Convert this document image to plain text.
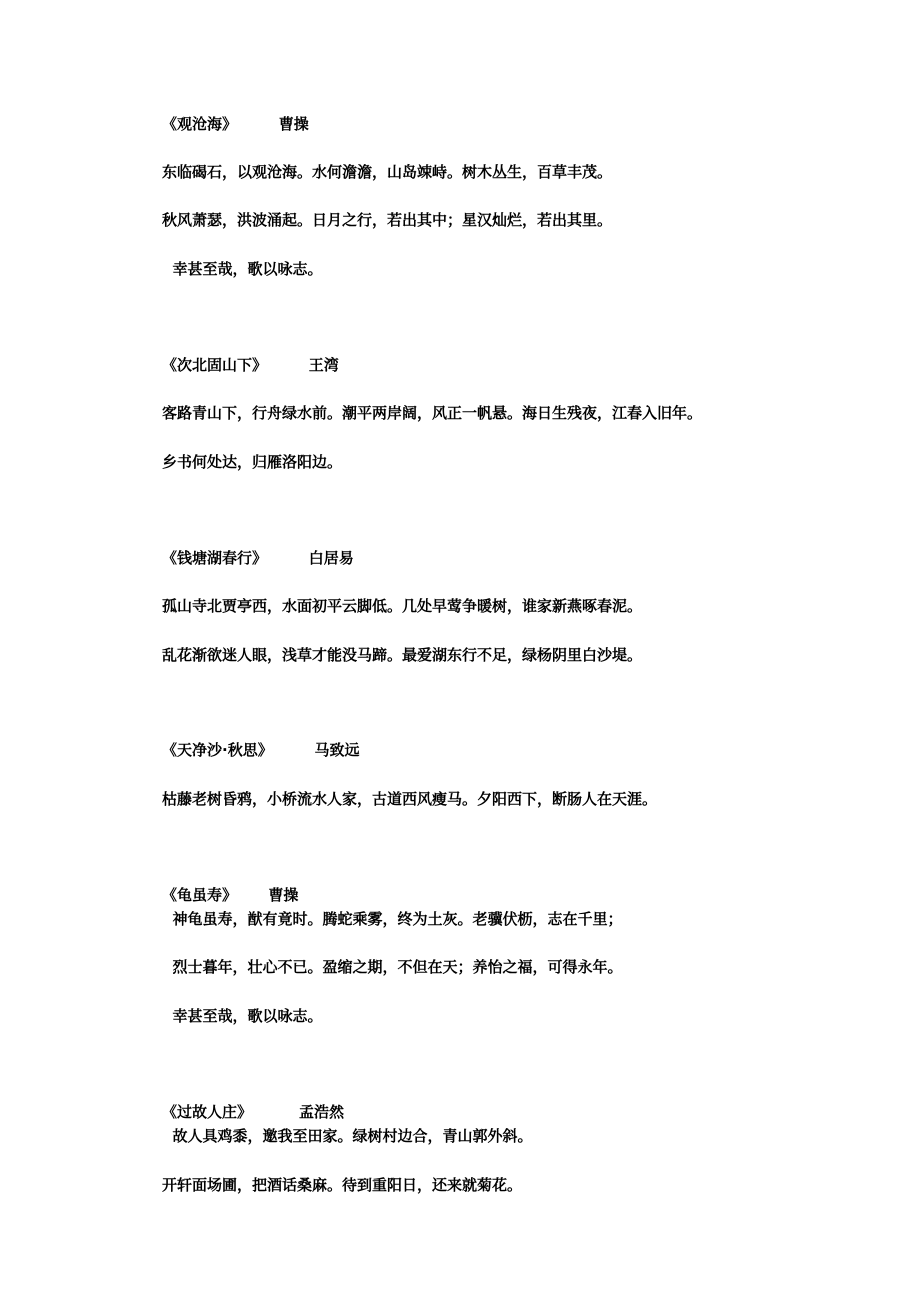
《观沧海》	曹操

东临碣石，以观沧海。水何澹澹，山岛竦峙。树木丛生，百草丰茂。

秋风萧瑟，洪波涌起。日月之行，若出其中；星汉灿烂，若出其里。

幸甚至哉，歌以咏志。

《次北固山下》	王湾

客路青山下，行舟绿水前。潮平两岸阔，风正一帆悬。海日生残夜，江春入旧年。

乡书何处达，归雁洛阳边。

《钱塘湖春行》	白居易

孤山寺北贾亭西，水面初平云脚低。几处早莺争暖树，谁家新燕啄春泥。

乱花渐欲迷人眼，浅草才能没马蹄。最爱湖东行不足，绿杨阴里白沙堤。

《天净沙·秋思》	马致远

枯藤老树昏鸦，小桥流水人家，古道西风瘦马。夕阳西下，断肠人在天涯。

《龟虽寿》 曹操

神龟虽寿，猷有竟时。腾蛇乘雾，终为土灰。老骥伏枥，志在千里；

烈士暮年，壮心不已。盈缩之期，不但在天；养怡之福，可得永年。

幸甚至哉，歌以咏志。

《过故人庄》	孟浩然

故人具鸡黍，邀我至田家。绿树村边合，青山郭外斜。

开轩面场圃，把酒话桑麻。待到重阳日，还来就菊花。
